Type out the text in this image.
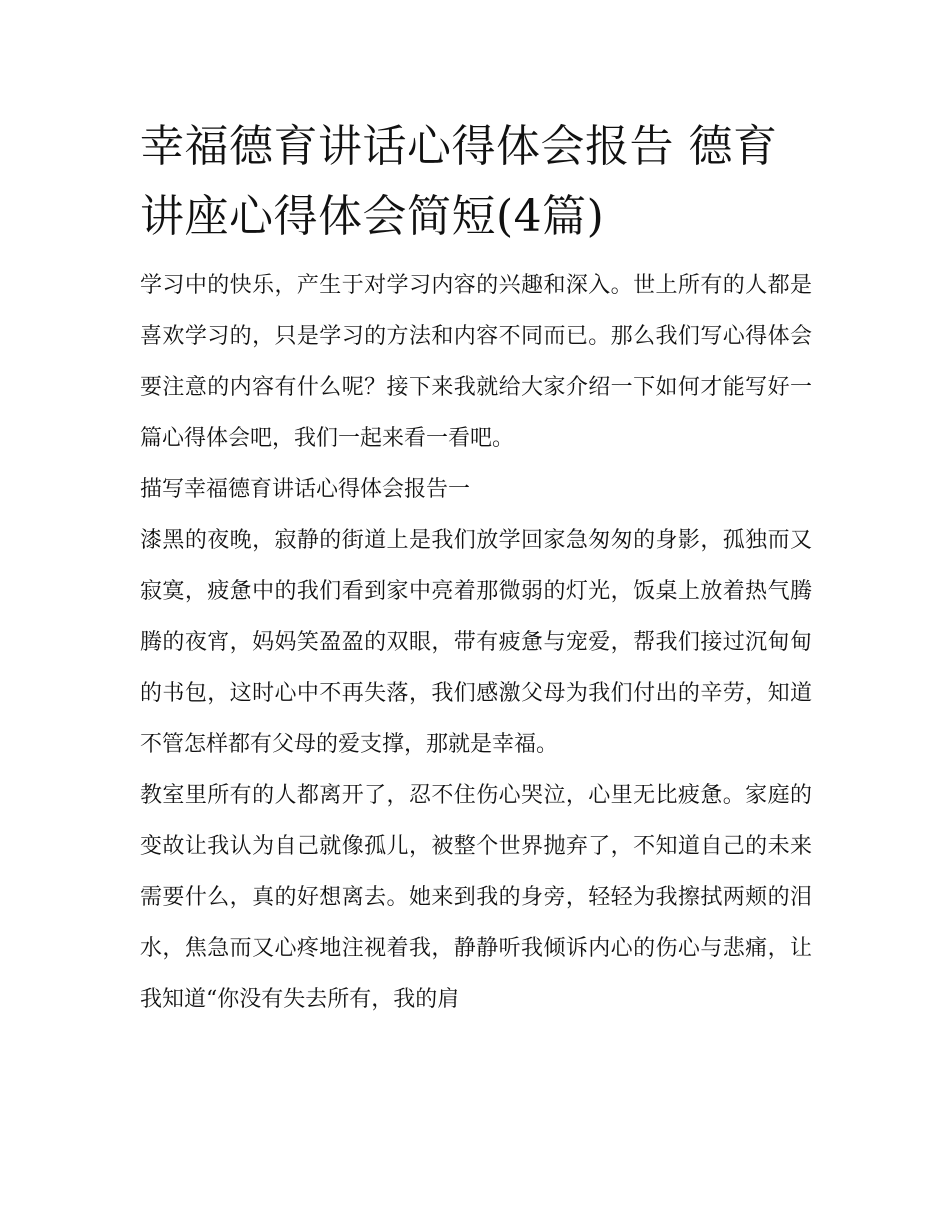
幸福德育讲话心得体会报告 德育讲座心得体会简短(4篇)

学习中的快乐，产生于对学习内容的兴趣和深入。世上所有的人都是喜欢学习的，只是学习的方法和内容不同而已。那么我们写心得体会要注意的内容有什么呢？接下来我就给大家介绍一下如何才能写好一篇心得体会吧，我们一起来看一看吧。

描写幸福德育讲话心得体会报告一

漆黑的夜晚，寂静的街道上是我们放学回家急匆匆的身影，孤独而又寂寞，疲惫中的我们看到家中亮着那微弱的灯光，饭桌上放着热气腾腾的夜宵，妈妈笑盈盈的双眼，带有疲惫与宠爱，帮我们接过沉甸甸的书包，这时心中不再失落，我们感激父母为我们付出的辛劳，知道不管怎样都有父母的爱支撑，那就是幸福。

教室里所有的人都离开了，忍不住伤心哭泣，心里无比疲惫。家庭的变故让我认为自己就像孤儿，被整个世界抛弃了，不知道自己的未来需要什么，真的好想离去。她来到我的身旁，轻轻为我擦拭两颊的泪水，焦急而又心疼地注视着我，静静听我倾诉内心的伤心与悲痛，让我知道“你没有失去所有，我的肩
